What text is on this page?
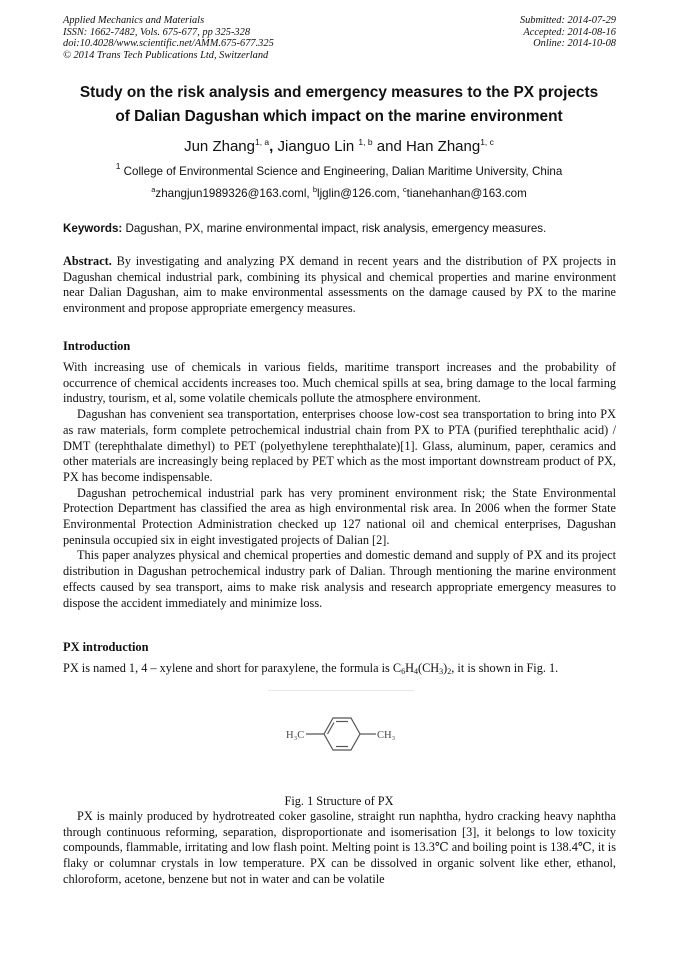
Applied Mechanics and Materials
ISSN: 1662-7482, Vols. 675-677, pp 325-328
doi:10.4028/www.scientific.net/AMM.675-677.325
© 2014 Trans Tech Publications Ltd, Switzerland
Submitted: 2014-07-29
Accepted: 2014-08-16
Online: 2014-10-08
Study on the risk analysis and emergency measures to the PX projects
of Dalian Dagushan which impact on the marine environment
Jun Zhang$^{1, a}$, Jianguo Lin $^{1, b}$ and Han Zhang$^{1, c}$
$^1$ College of Environmental Science and Engineering, Dalian Maritime University, China
$^a$zhangjun1989326@163.coml, $^b$ljglin@126.com, $^c$tianehanhan@163.com
Keywords: Dagushan, PX, marine environmental impact, risk analysis, emergency measures.
Abstract. By investigating and analyzing PX demand in recent years and the distribution of PX projects in Dagushan chemical industrial park, combining its physical and chemical properties and marine environment near Dalian Dagushan, aim to make environmental assessments on the damage caused by PX to the marine environment and propose appropriate emergency measures.
Introduction
With increasing use of chemicals in various fields, maritime transport increases and the probability of occurrence of chemical accidents increases too. Much chemical spills at sea, bring damage to the local farming industry, tourism, et al, some volatile chemicals pollute the atmosphere environment.
Dagushan has convenient sea transportation, enterprises choose low-cost sea transportation to bring into PX as raw materials, form complete petrochemical industrial chain from PX to PTA (purified terephthalic acid) / DMT (terephthalate dimethyl) to PET (polyethylene terephthalate)[1]. Glass, aluminum, paper, ceramics and other materials are increasingly being replaced by PET which as the most important downstream product of PX, PX has become indispensable.
Dagushan petrochemical industrial park has very prominent environment risk; the State Environmental Protection Department has classified the area as high environmental risk area. In 2006 when the former State Environmental Protection Administration checked up 127 national oil and chemical enterprises, Dagushan peninsula occupied six in eight investigated projects of Dalian [2].
This paper analyzes physical and chemical properties and domestic demand and supply of PX and its project distribution in Dagushan petrochemical industry park of Dalian. Through mentioning the marine environment effects caused by sea transport, aims to make risk analysis and research appropriate emergency measures to dispose the accident immediately and minimize loss.
PX introduction
PX is named 1, 4 – xylene and short for paraxylene, the formula is $C_6H_4(CH_3)_2$, it is shown in Fig. 1.
H₃C	CH₃
Fig. 1 Structure of PX
PX is mainly produced by hydrotreated coker gasoline, straight run naphtha, hydro cracking heavy naphtha through continuous reforming, separation, disproportionate and isomerisation [3], it belongs to low toxicity compounds, flammable, irritating and low flash point. Melting point is 13.3℃ and boiling point is 138.4℃, it is flaky or columnar crystals in low temperature. PX can be dissolved in organic solvent like ether, ethanol, chloroform, acetone, benzene but not in water and can be volatile
